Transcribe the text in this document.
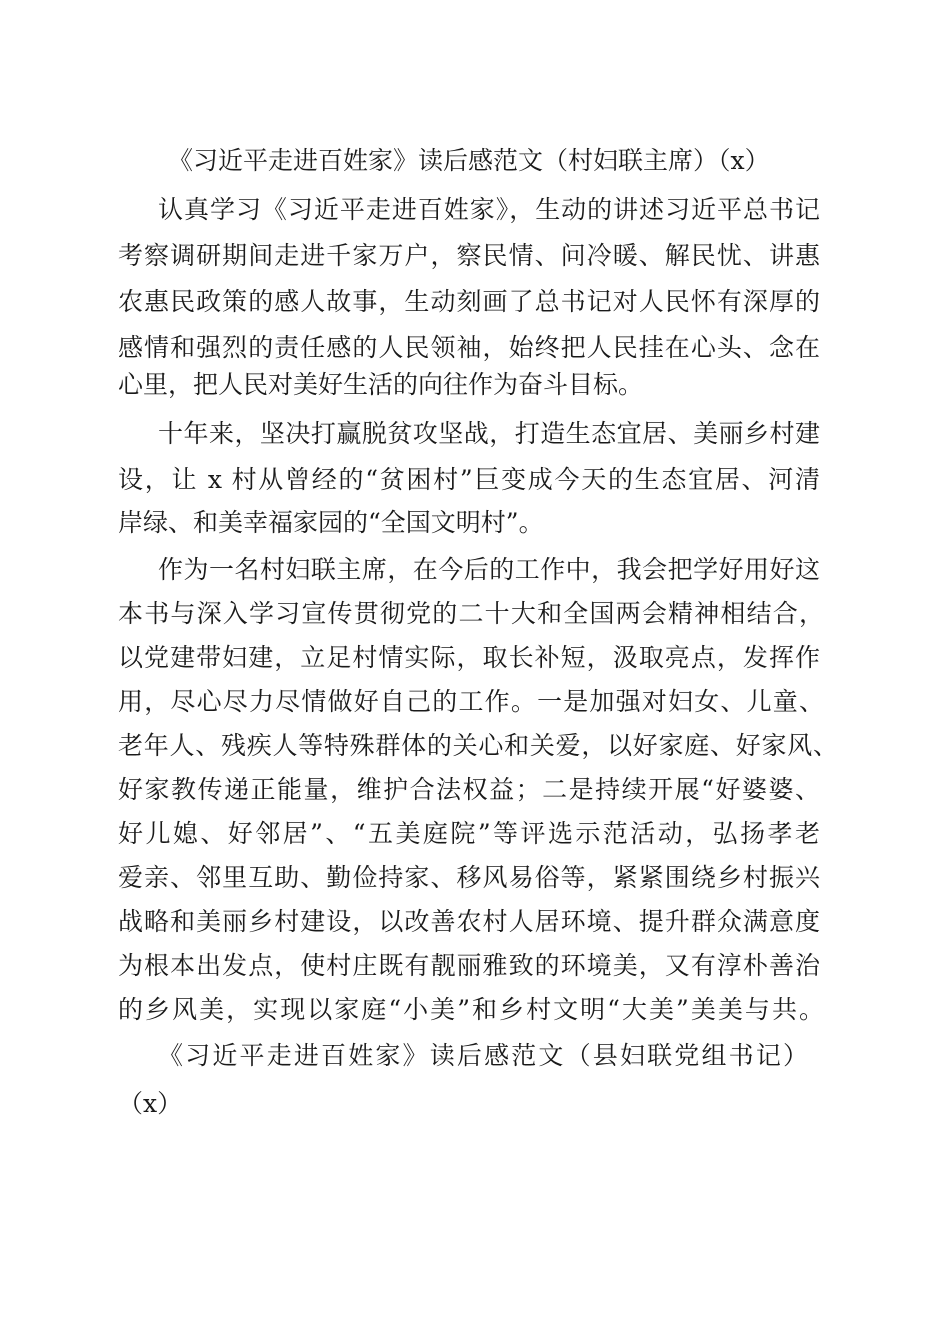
《习近平走进百姓家》读后感范文（村妇联主席）（x）
认真学习《习近平走进百姓家》，生动的讲述习近平总书记
考察调研期间走进千家万户，察民情、问冷暖、解民忧、讲惠
农惠民政策的感人故事，生动刻画了总书记对人民怀有深厚的
感情和强烈的责任感的人民领袖，始终把人民挂在心头、念在
心里，把人民对美好生活的向往作为奋斗目标。
十年来，坚决打赢脱贫攻坚战，打造生态宜居、美丽乡村建
设，让 x 村从曾经的“贫困村”巨变成今天的生态宜居、河清
岸绿、和美幸福家园的“全国文明村”。
作为一名村妇联主席，在今后的工作中，我会把学好用好这
本书与深入学习宣传贯彻党的二十大和全国两会精神相结合，
以党建带妇建，立足村情实际，取长补短，汲取亮点，发挥作
用，尽心尽力尽情做好自己的工作。一是加强对妇女、儿童、
老年人、残疾人等特殊群体的关心和关爱，以好家庭、好家风、
好家教传递正能量，维护合法权益；二是持续开展“好婆婆、
好儿媳、好邻居”、“五美庭院”等评选示范活动，弘扬孝老
爱亲、邻里互助、勤俭持家、移风易俗等，紧紧围绕乡村振兴
战略和美丽乡村建设，以改善农村人居环境、提升群众满意度
为根本出发点，使村庄既有靓丽雅致的环境美，又有淳朴善治
的乡风美，实现以家庭“小美”和乡村文明“大美”美美与共。
《习近平走进百姓家》读后感范文（县妇联党组书记）
（x）
